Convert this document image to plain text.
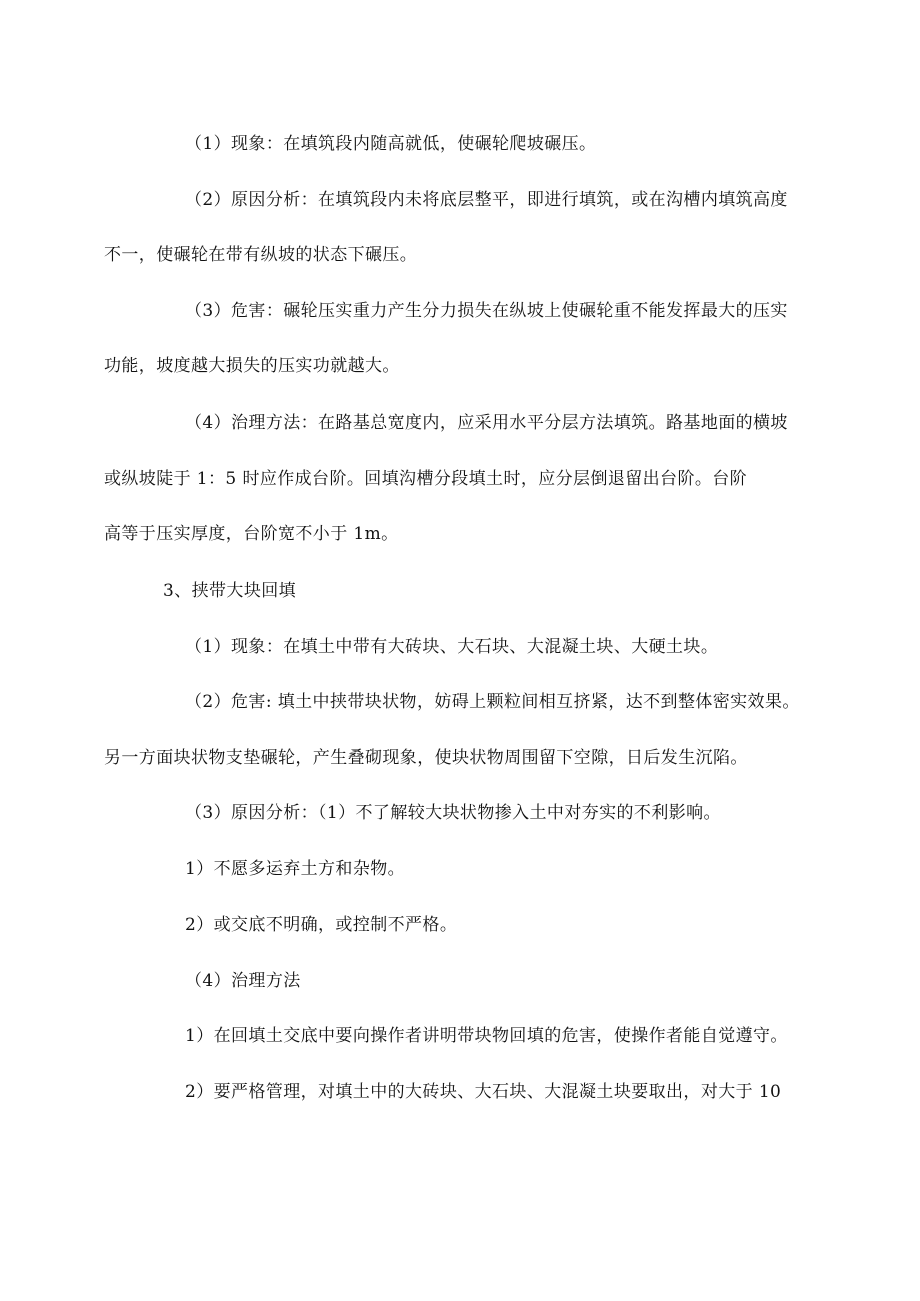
（1）现象：在填筑段内随高就低，使碾轮爬坡碾压。
（2）原因分析：在填筑段内未将底层整平，即进行填筑，或在沟槽内填筑高度
不一，使碾轮在带有纵坡的状态下碾压。
（3）危害：碾轮压实重力产生分力损失在纵坡上使碾轮重不能发挥最大的压实
功能，坡度越大损失的压实功就越大。
（4）治理方法：在路基总宽度内，应采用水平分层方法填筑。路基地面的横坡
或纵坡陡于 1：5 时应作成台阶。回填沟槽分段填土时，应分层倒退留出台阶。台阶
高等于压实厚度，台阶宽不小于 1m。
3、挟带大块回填
（1）现象：在填土中带有大砖块、大石块、大混凝土块、大硬土块。
（2）危害: 填土中挟带块状物，妨碍上颗粒间相互挤紧，达不到整体密实效果。
另一方面块状物支垫碾轮，产生叠砌现象，使块状物周围留下空隙，日后发生沉陷。
（3）原因分析：（1）不了解较大块状物掺入土中对夯实的不利影响。
1）不愿多运弃土方和杂物。
2）或交底不明确，或控制不严格。
（4）治理方法
1）在回填土交底中要向操作者讲明带块物回填的危害，使操作者能自觉遵守。
2）要严格管理，对填土中的大砖块、大石块、大混凝土块要取出，对大于 10
